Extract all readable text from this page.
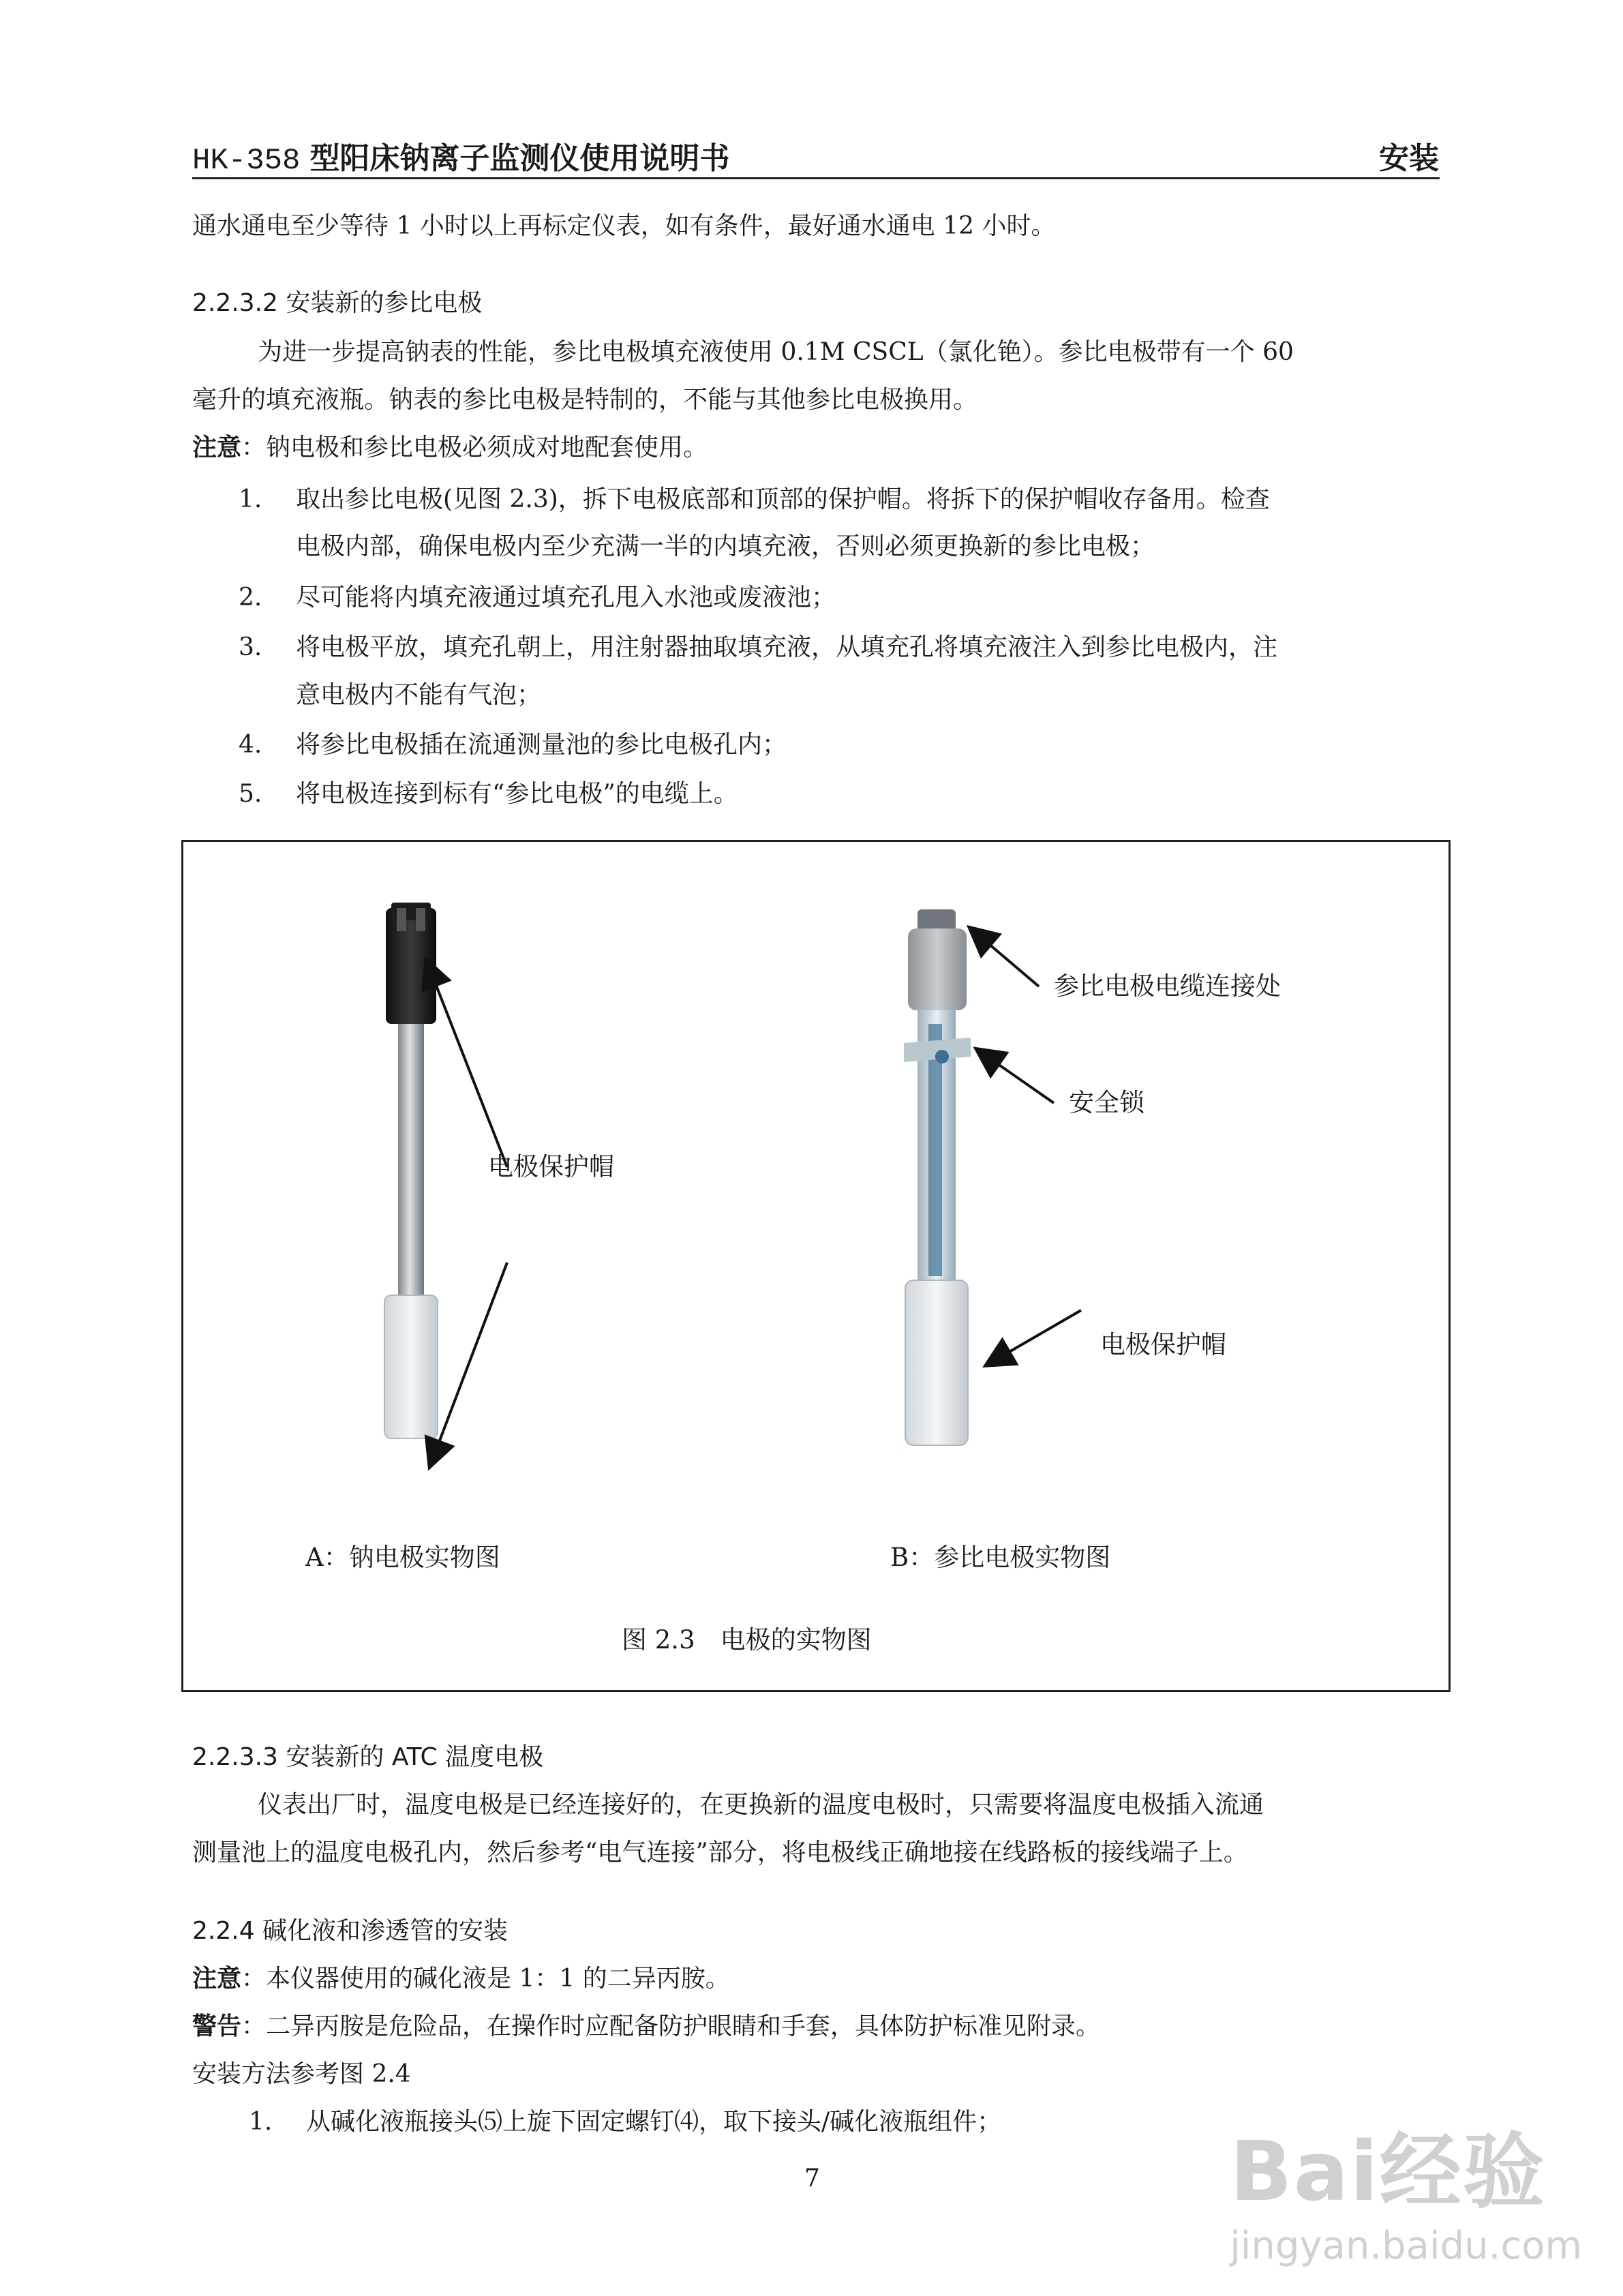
HK-358 型阳床钠离子监测仪使用说明书	安装
通水通电至少等待 1 小时以上再标定仪表，如有条件，最好通水通电 12 小时。
2.2.3.2 安装新的参比电极
为进一步提高钠表的性能，参比电极填充液使用 0.1M CSCL（氯化铯）。参比电极带有一个 60
毫升的填充液瓶。钠表的参比电极是特制的，不能与其他参比电极换用。
注意：钠电极和参比电极必须成对地配套使用。
1. 取出参比电极(见图 2.3)，拆下电极底部和顶部的保护帽。将拆下的保护帽收存备用。检查
电极内部，确保电极内至少充满一半的内填充液，否则必须更换新的参比电极；
2. 尽可能将内填充液通过填充孔甩入水池或废液池；
3. 将电极平放，填充孔朝上，用注射器抽取填充液，从填充孔将填充液注入到参比电极内，注
意电极内不能有气泡；
4. 将参比电极插在流通测量池的参比电极孔内；
5. 将电极连接到标有“参比电极”的电缆上。
电极保护帽
参比电极电缆连接处
安全锁
电极保护帽
A：钠电极实物图	B：参比电极实物图
图 2.3　电极的实物图
2.2.3.3 安装新的 ATC 温度电极
仪表出厂时，温度电极是已经连接好的，在更换新的温度电极时，只需要将温度电极插入流通
测量池上的温度电极孔内，然后参考“电气连接”部分，将电极线正确地接在线路板的接线端子上。
2.2.4 碱化液和渗透管的安装
注意：本仪器使用的碱化液是 1：1 的二异丙胺。
警告：二异丙胺是危险品，在操作时应配备防护眼睛和手套，具体防护标准见附录。
安装方法参考图 2.4
1. 从碱化液瓶接头⑸上旋下固定螺钉⑷，取下接头/碱化液瓶组件；
7	Bai经验
jingyan.baidu.com
